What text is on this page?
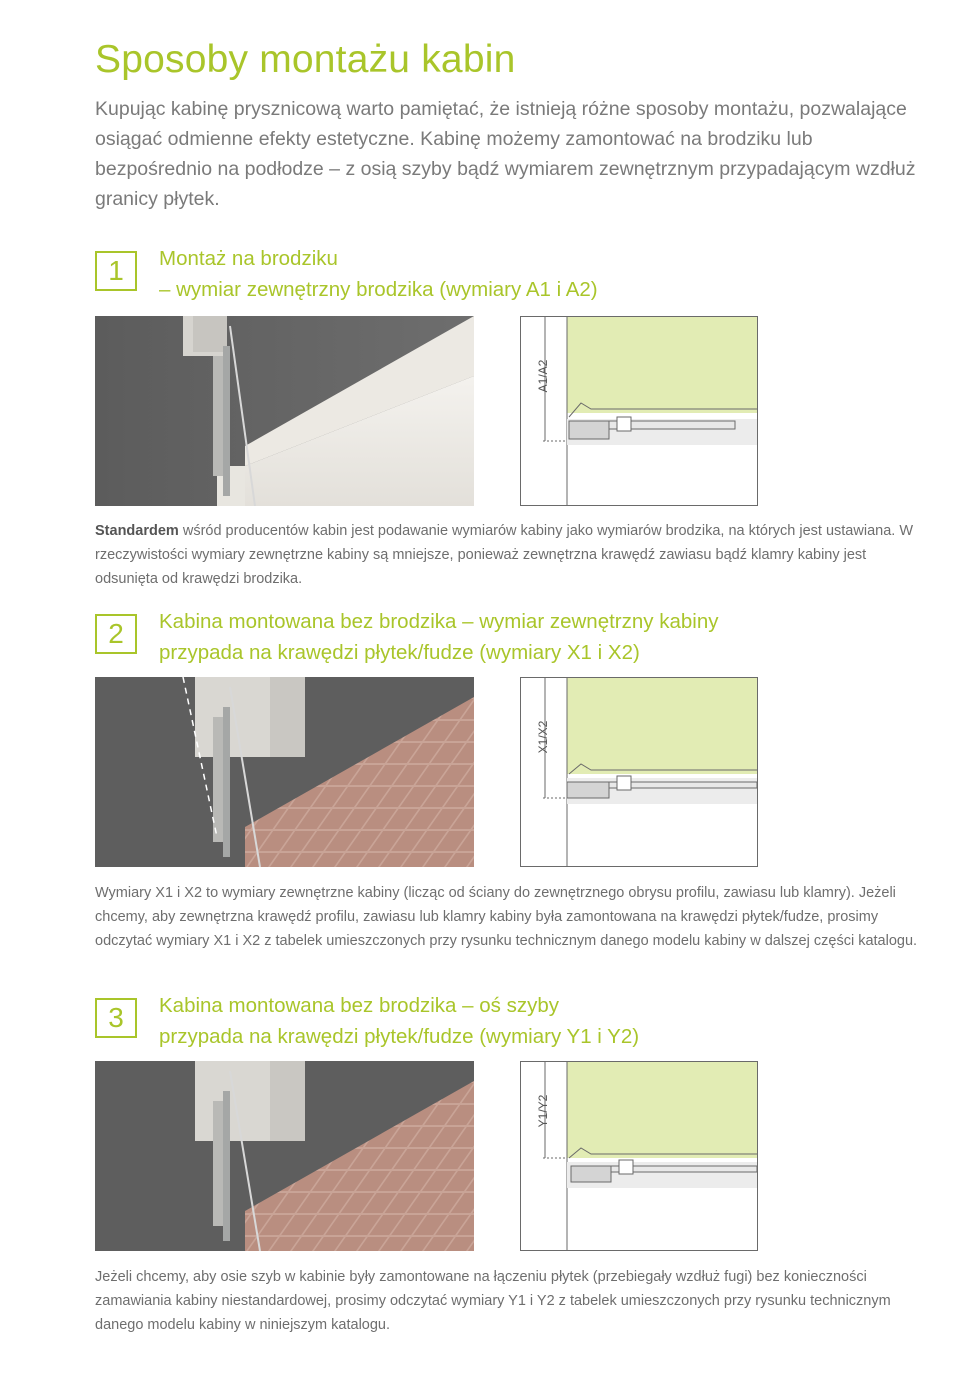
Sposoby montażu kabin

Kupując kabinę prysznicową warto pamiętać, że istnieją różne sposoby montażu, pozwalające osiągać odmienne efekty estetyczne. Kabinę możemy zamontować na brodziku lub bezpośrednio na podłodze – z osią szyby bądź wymiarem zewnętrznym przypadającym wzdłuż granicy płytek.

1	Montaż na brodziku
– wymiar zewnętrzny brodzika (wymiary A1 i A2)
A1/A2

Standardem wśród producentów kabin jest podawanie wymiarów kabiny jako wymiarów brodzika, na których jest ustawiana. W rzeczywistości wymiary zewnętrzne kabiny są mniejsze, ponieważ zewnętrzna krawędź zawiasu bądź klamry kabiny jest odsunięta od krawędzi brodzika.

2	Kabina montowana bez brodzika – wymiar zewnętrzny kabiny
przypada na krawędzi płytek/fudze (wymiary X1 i X2)
X1/X2

Wymiary X1 i X2 to wymiary zewnętrzne kabiny (licząc od ściany do zewnętrznego obrysu profilu, zawiasu lub klamry). Jeżeli chcemy, aby zewnętrzna krawędź profilu, zawiasu lub klamry kabiny była zamontowana na krawędzi płytek/fudze, prosimy odczytać wymiary X1 i X2 z tabelek umieszczonych przy rysunku technicznym danego modelu kabiny w dalszej części katalogu.

3	Kabina montowana bez brodzika – oś szyby
przypada na krawędzi płytek/fudze (wymiary Y1 i Y2)
Y1/Y2

Jeżeli chcemy, aby osie szyb w kabinie były zamontowane na łączeniu płytek (przebiegały wzdłuż fugi) bez konieczności zamawiania kabiny niestandardowej, prosimy odczytać wymiary Y1 i Y2 z tabelek umieszczonych przy rysunku technicznym danego modelu kabiny w niniejszym katalogu.
